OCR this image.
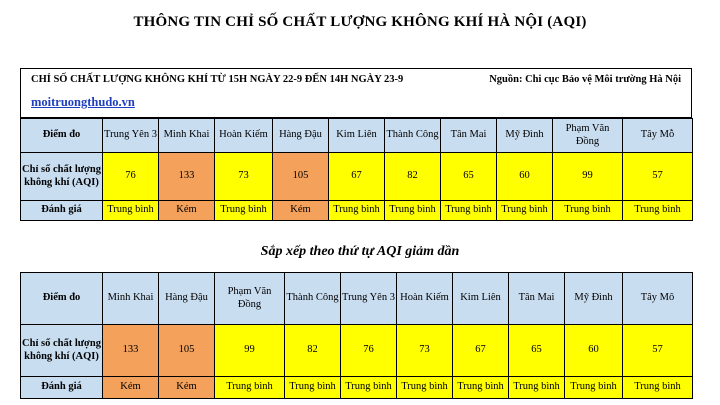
THÔNG TIN CHỈ SỐ CHẤT LƯỢNG KHÔNG KHÍ HÀ NỘI (AQI)
CHỈ SỐ CHẤT LƯỢNG KHÔNG KHÍ TỪ 15H NGÀY 22-9 ĐẾN 14H NGÀY 23-9	Nguồn: Chi cục Bảo vệ Môi trường Hà Nội
moitruongthudo.vn
Điểm đo	Trung Yên 3	Minh Khai	Hoàn Kiếm	Hàng Đậu	Kim Liên	Thành Công	Tân Mai	Mỹ Đình	Phạm Văn Đồng	Tây Mỗ
Chỉ số chất lượng không khí (AQI)	76	133	73	105	67	82	65	60	99	57
Đánh giá	Trung bình	Kém	Trung bình	Kém	Trung bình	Trung bình	Trung bình	Trung bình	Trung bình	Trung bình
Sắp xếp theo thứ tự AQI giảm dần
Điểm đo	Minh Khai	Hàng Đậu	Phạm Văn Đồng	Thành Công	Trung Yên 3	Hoàn Kiếm	Kim Liên	Tân Mai	Mỹ Đình	Tây Mô
Chỉ số chất lượng không khí (AQI)	133	105	99	82	76	73	67	65	60	57
Đánh giá	Kém	Kém	Trung bình	Trung bình	Trung bình	Trung bình	Trung bình	Trung bình	Trung bình	Trung bình
